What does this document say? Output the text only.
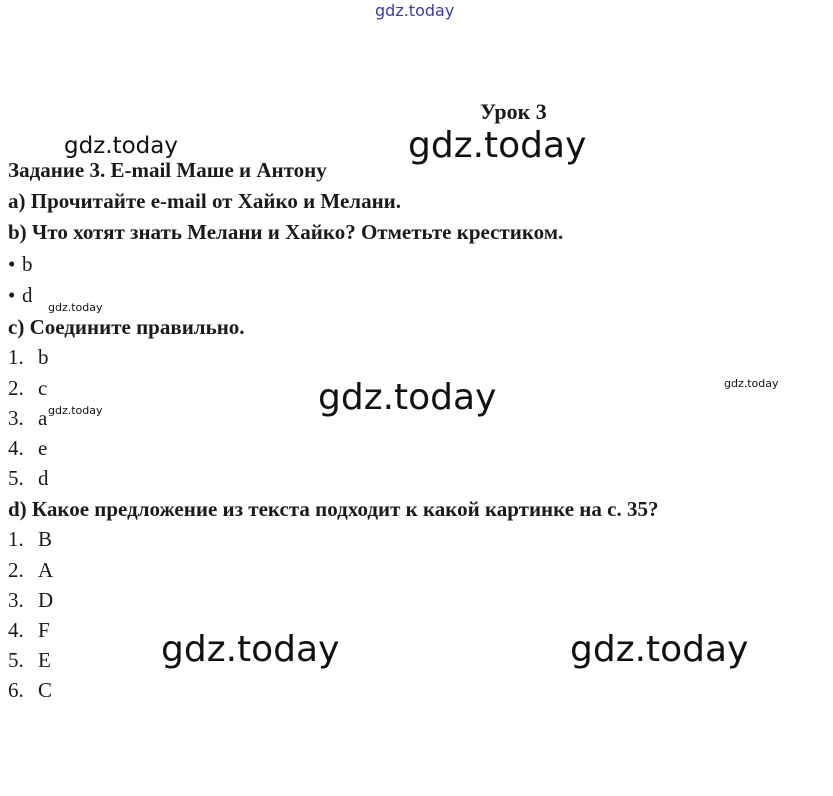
gdz.today
gdz.today	gdz.today
gdz.today
gdz.today
gdz.today
gdz.today
gdz.today	gdz.today
Урок 3
Задание 3. E-mail Маше и Антону
a) Прочитайте e-mail от Хайко и Мелани.
b) Что хотят знать Мелани и Хайко? Отметьте крестиком.
• b
• d
c) Соедините правильно.
1. b
2. c
3. a
4. e
5. d
d) Какое предложение из текста подходит к какой картинке на с. 35?
1. B
2. A
3. D
4. F
5. E
6. C
